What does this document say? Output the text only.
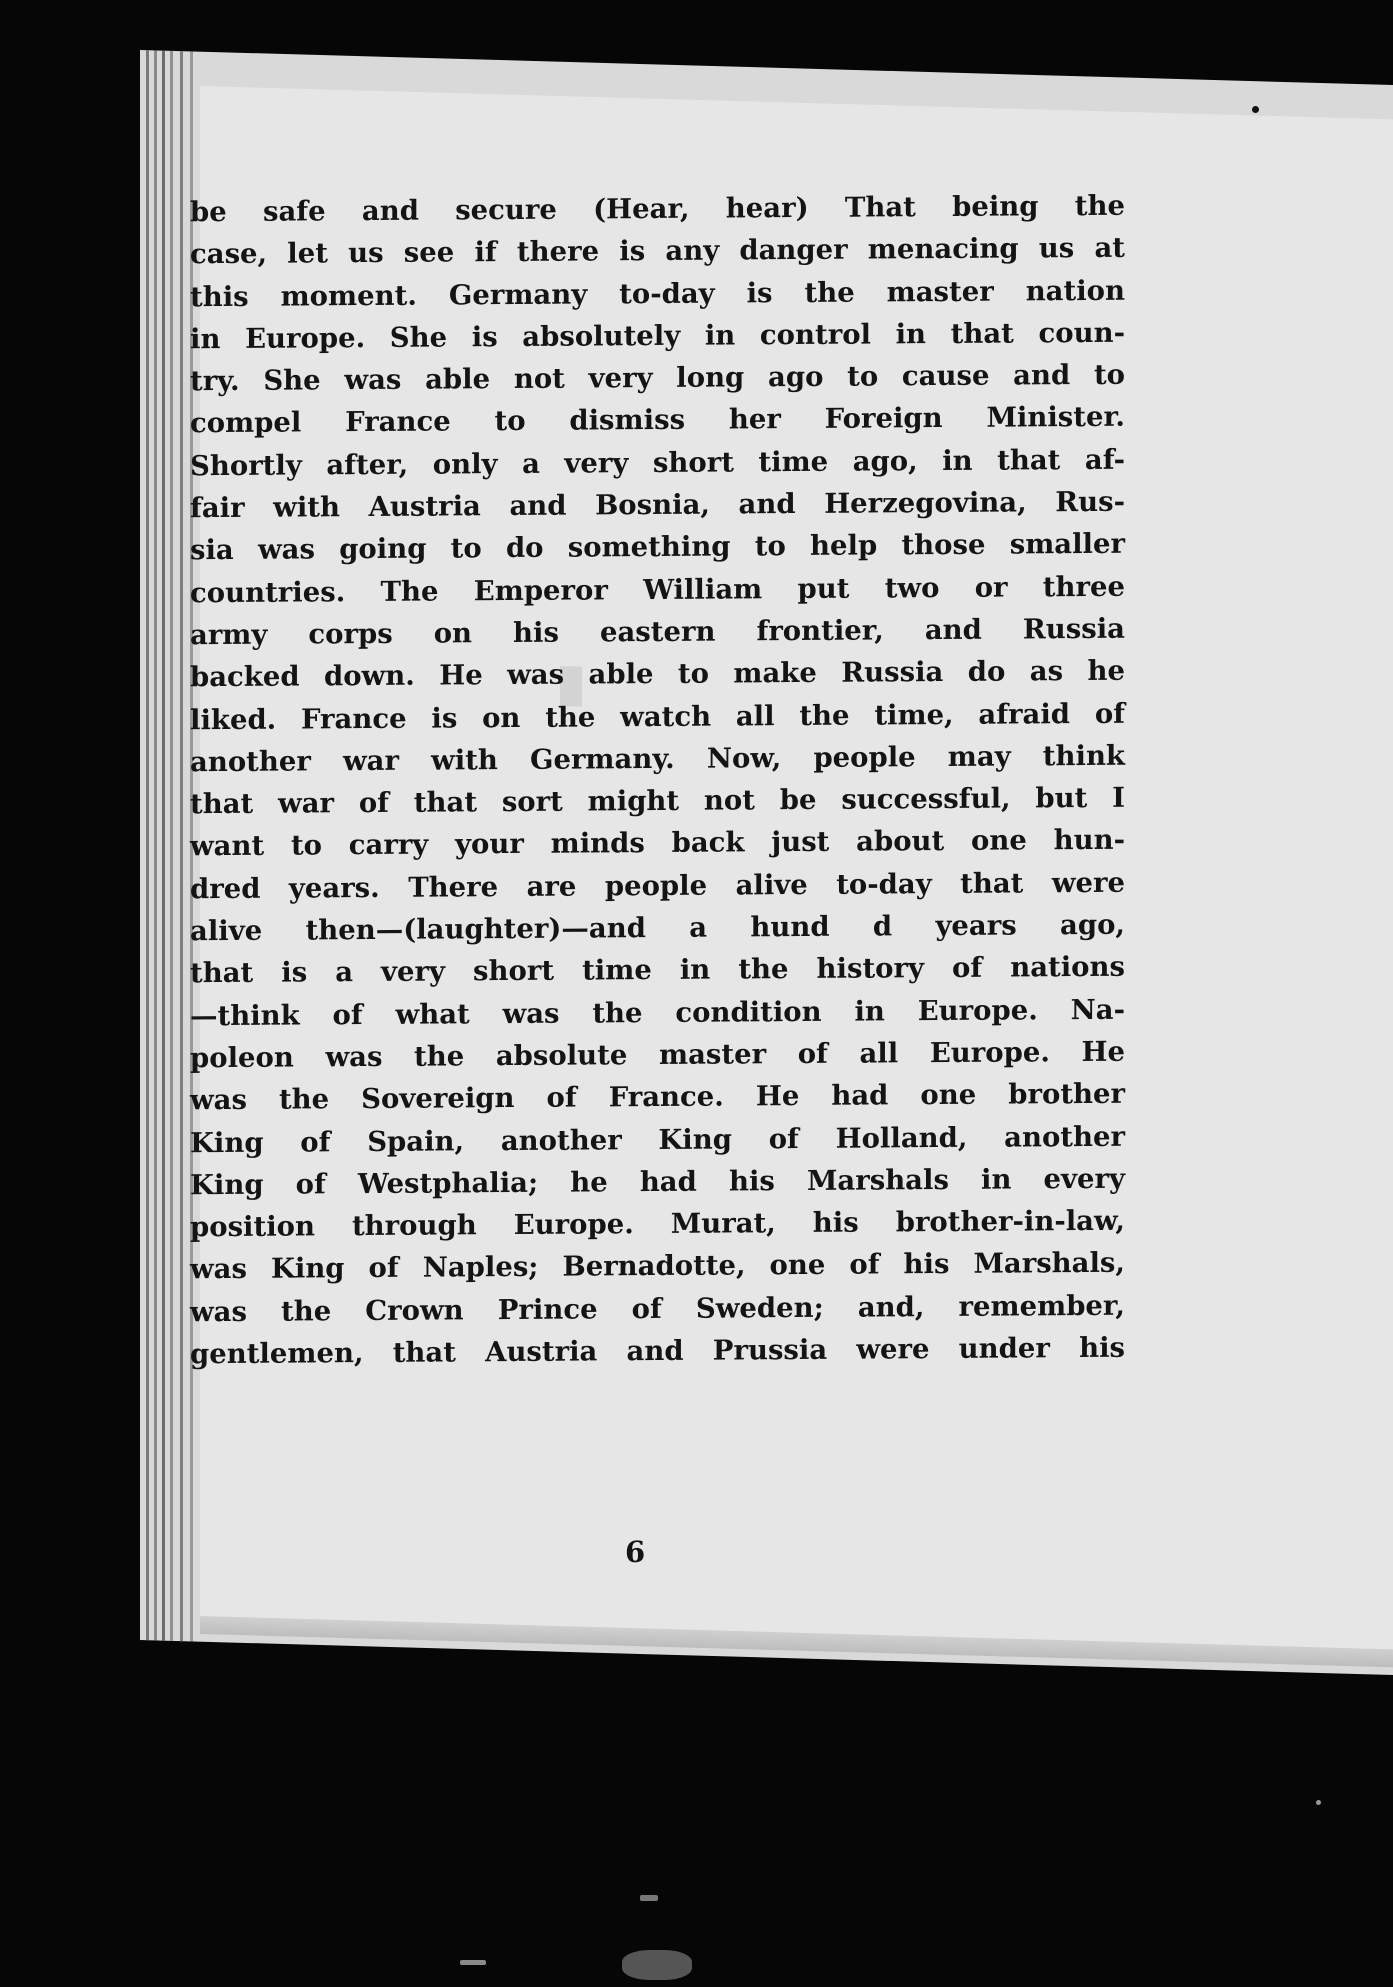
be safe and secure (Hear, hear) That being the
case, let us see if there is any danger menacing us at
this moment. Germany to-day is the master nation
in Europe. She is absolutely in control in that coun-
try. She was able not very long ago to cause and to
compel France to dismiss her Foreign Minister.
Shortly after, only a very short time ago, in that af-
fair with Austria and Bosnia, and Herzegovina, Rus-
sia was going to do something to help those smaller
countries. The Emperor William put two or three
army corps on his eastern frontier, and Russia
backed down. He was able to make Russia do as he
liked. France is on the watch all the time, afraid of
another war with Germany. Now, people may think
that war of that sort might not be successful, but I
want to carry your minds back just about one hun-
dred years. There are people alive to-day that were
alive then—(laughter)—and a hund d years ago,
that is a very short time in the history of nations
—think of what was the condition in Europe. Na-
poleon was the absolute master of all Europe. He
was the Sovereign of France. He had one brother
King of Spain, another King of Holland, another
King of Westphalia; he had his Marshals in every
position through Europe. Murat, his brother-in-law,
was King of Naples; Bernadotte, one of his Marshals,
was the Crown Prince of Sweden; and, remember,
gentlemen, that Austria and Prussia were under his
6
